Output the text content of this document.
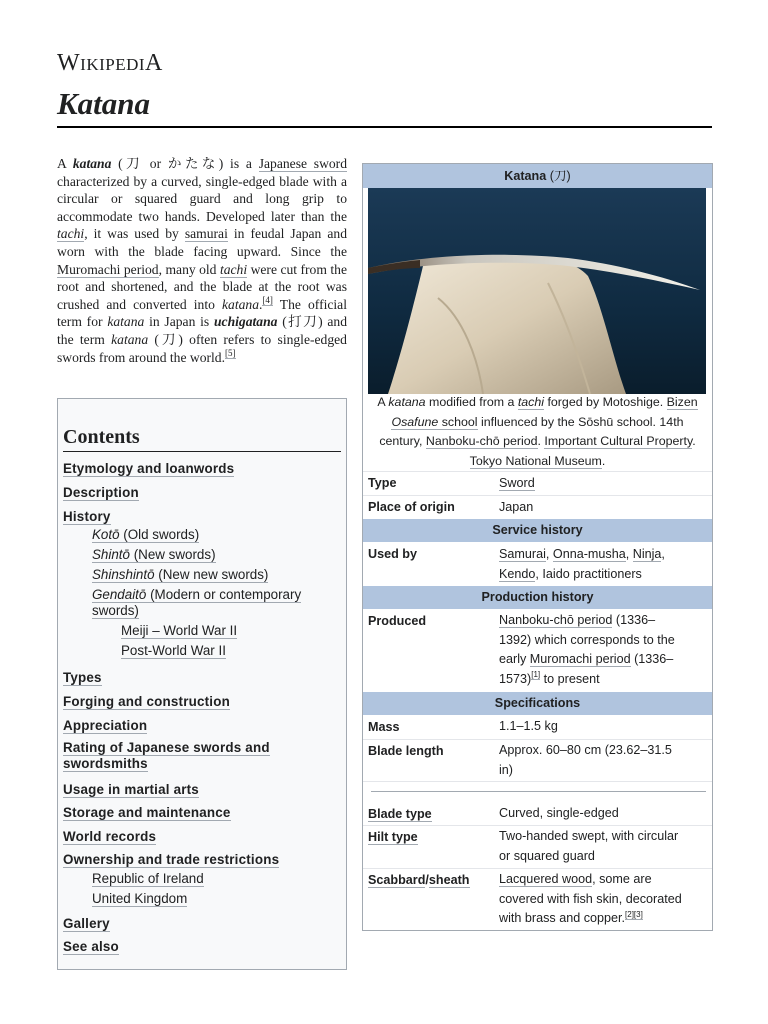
WIKIPEDIA
Katana
A katana (刀 or かたな) is a Japanese sword characterized by a curved, single-edged blade with a circular or squared guard and long grip to accommodate two hands. Developed later than the tachi, it was used by samurai in feudal Japan and worn with the blade facing upward. Since the Muromachi period, many old tachi were cut from the root and shortened, and the blade at the root was crushed and converted into katana.[4] The official term for katana in Japan is uchigatana (打刀) and the term katana (刀) often refers to single-edged swords from around the world.[5]
Contents
Etymology and loanwords
Description
History
Kotō (Old swords)
Shintō (New swords)
Shinshintō (New new swords)
Gendaitō (Modern or contemporary
swords)
Meiji – World War II
Post-World War II
Types
Forging and construction
Appreciation
Rating of Japanese swords and
swordsmiths
Usage in martial arts
Storage and maintenance
World records
Ownership and trade restrictions
Republic of Ireland
United Kingdom
Gallery
See also
Katana (刀)
A katana modified from a tachi forged by Motoshige. Bizen Osafune school influenced by the Sōshū school. 14th century, Nanboku-chō period. Important Cultural Property. Tokyo National Museum.
Type	Sword
Place of origin	Japan
Service history
Used by	Samurai, Onna-musha, Ninja,
Kendo, Iaido practitioners
Production history
Produced	Nanboku-chō period (1336–
1392) which corresponds to the
early Muromachi period (1336–
1573)[1] to present
Specifications
Mass	1.1–1.5 kg
Blade length	Approx. 60–80 cm (23.62–31.5
in)
Blade type	Curved, single-edged
Hilt type	Two-handed swept, with circular
or squared guard
Scabbard/sheath Lacquered wood, some are
covered with fish skin, decorated
with brass and copper.[2][3]
